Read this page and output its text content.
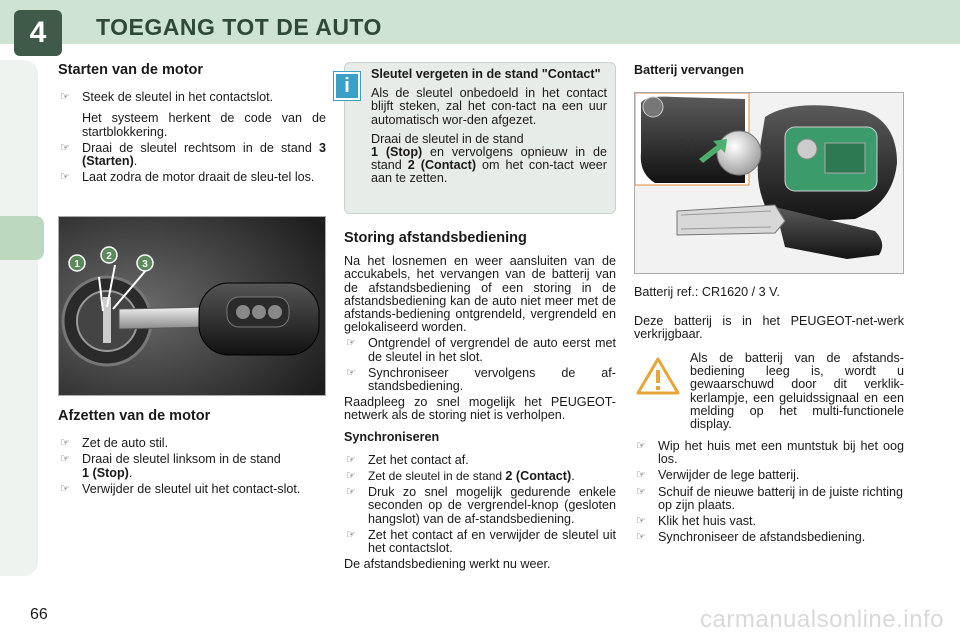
4	TOEGANG TOT DE AUTO
Starten van de motor
☞ Steek de sleutel in het contactslot.

Het systeem herkent de code van de startblokkering.

☞ Draai de sleutel rechtsom in de stand 3 (Starten).
☞ Laat zodra de motor draait de sleu-tel los.
1
2
3
Afzetten van de motor
☞ Zet de auto stil.
☞ Draai de sleutel linksom in de stand
1 (Stop).
☞ Verwijder de sleutel uit het contact-slot.

Sleutel vergeten in de stand "Contact"

Als de sleutel onbedoeld in het contact blijft steken, zal het con-tact na een uur automatisch wor-den afgezet.

Draai de sleutel in de stand
1 (Stop) en vervolgens opnieuw in de stand 2 (Contact) om het con-tact weer aan te zetten.

i
Storing afstandsbediening

Na het losnemen en weer aansluiten van de accukabels, het vervangen van de batterij van de afstandsbediening of een storing in de afstandsbediening kan de auto niet meer met de afstands-bediening ontgrendeld, vergrendeld en gelokaliseerd worden.

☞ Ontgrendel of vergrendel de auto eerst met de sleutel in het slot.
☞ Synchroniseer vervolgens de af-standsbediening.

Raadpleeg zo snel mogelijk het PEUGEOT-netwerk als de storing niet is verholpen.

Synchroniseren
☞ Zet het contact af.
☞ Zet de sleutel in de stand 2 (Contact).
☞ Druk zo snel mogelijk gedurende enkele seconden op de vergrendel-knop (gesloten hangslot) van de af-standsbediening.
☞ Zet het contact af en verwijder de sleutel uit het contactslot.

De afstandsbediening werkt nu weer.

Batterij vervangen

Batterij ref.: CR1620 / 3 V.

Deze batterij is in het PEUGEOT-net-werk verkrijgbaar.

Als de batterij van de afstands-bediening leeg is, wordt u gewaarschuwd door dit verklik-kerlampje, een geluidssignaal en een melding op het multi-functionele display.
☞ Wip het huis met een muntstuk bij het oog los.
☞ Verwijder de lege batterij.
☞ Schuif de nieuwe batterij in de juiste richting op zijn plaats.
☞ Klik het huis vast.
☞ Synchroniseer de afstandsbediening.
66	carmanualsonline.info
